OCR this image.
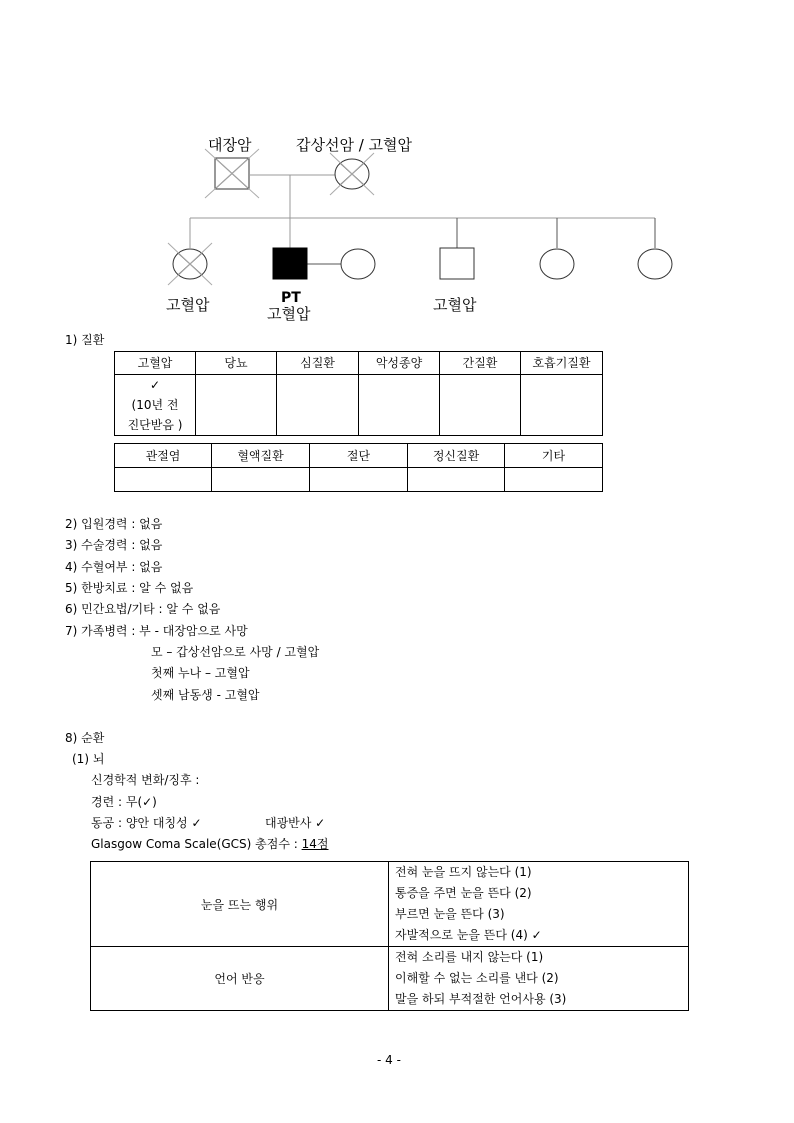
대장암	갑상선암 / 고혈압
고혈압	PT
고혈압	고혈압
1) 질환
고혈압	당뇨	심질환	악성종양	간질환	호흡기질환

✓
(10년 전
진단받음 )					

관절염	혈액질환	절단	정신질환	기타

2) 입원경력 : 없음
3) 수술경력 : 없음
4) 수혈여부 : 없음
5) 한방치료 : 알 수 없음
6) 민간요법/기타 : 알 수 없음
7) 가족병력 : 부 - 대장암으로 사망
모 – 갑상선암으로 사망 / 고혈압
첫째 누나 – 고혈압
셋째 남동생 - 고혈압
8) 순환
(1) 뇌
신경학적 변화/징후 :
경련 : 무(✓)
동공 : 양안 대칭성 ✓	대광반사 ✓
Glasgow Coma Scale(GCS) 총점수 : 14점
눈을 뜨는 행위	전혀 눈을 뜨지 않는다 (1)
통증을 주면 눈을 뜬다 (2)
부르면 눈을 뜬다 (3)
자발적으로 눈을 뜬다 (4) ✓

언어 반응	전혀 소리를 내지 않는다 (1)
이해할 수 없는 소리를 낸다 (2)
말을 하되 부적절한 언어사용 (3)
- 4 -
